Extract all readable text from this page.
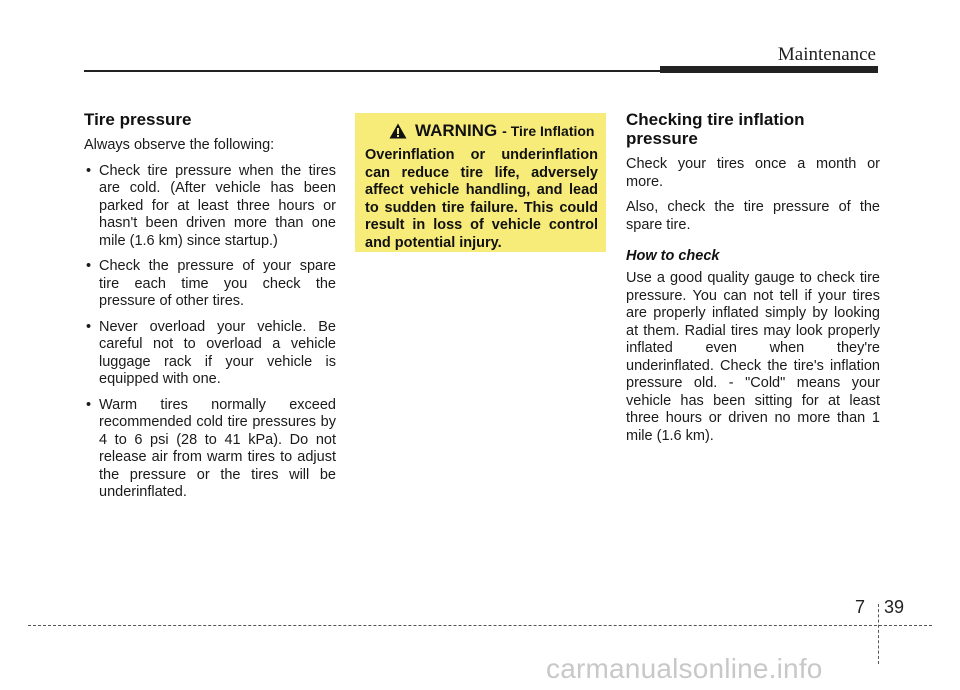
Maintenance
Tire pressure

Always observe the following:

• Check tire pressure when the tires are cold. (After vehicle has been parked for at least three hours or hasn't been driven more than one mile (1.6 km) since startup.)
• Check the pressure of your spare tire each time you check the pressure of other tires.
• Never overload your vehicle. Be careful not to overload a vehicle luggage rack if your vehicle is equipped with one.
• Warm tires normally exceed recommended cold tire pressures by 4 to 6 psi (28 to 41 kPa). Do not release air from warm tires to adjust the pressure or the tires will be underinflated.
WARNING - Tire Inflation
Overinflation or underinflation can reduce tire life, adversely affect vehicle handling, and lead to sudden tire failure. This could result in loss of vehicle control and potential injury.
Checking tire inflation pressure

Check your tires once a month or more.

Also, check the tire pressure of the spare tire.

How to check

Use a good quality gauge to check tire pressure. You can not tell if your tires are properly inflated simply by looking at them. Radial tires may look properly inflated even when they're underinflated. Check the tire's inflation pressure old. - "Cold" means your vehicle has been sitting for at least three hours or driven no more than 1 mile (1.6 km).

7 39
carmanualsonline.info
